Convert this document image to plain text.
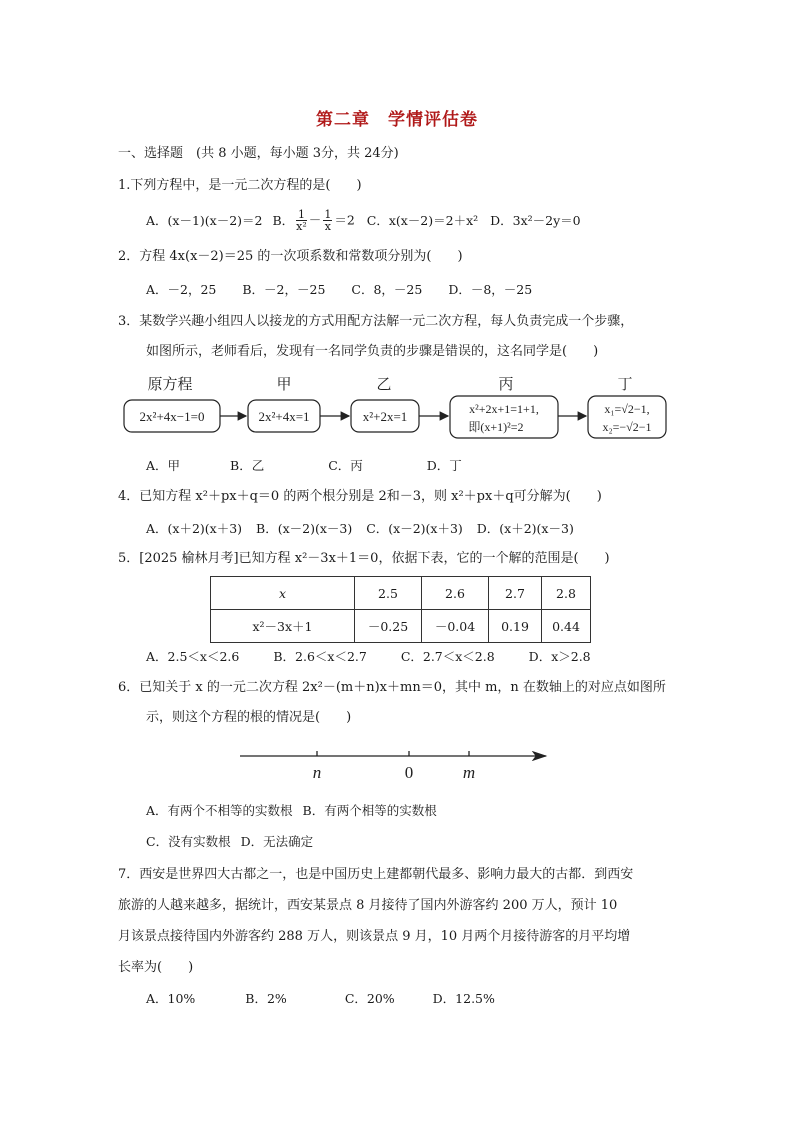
第二章　学情评估卷
一、选择题　(共 8 小题，每小题 3分，共 24分)
1.下列方程中，是一元二次方程的是(　　)
A．(x－1)(x－2)＝2 B． $\frac{1}{\text{x²}} - \frac{1}{x} =2$ C．x(x－2)＝2＋x² D．3x²－2y＝0
2．方程 4x(x－2)＝25 的一次项系数和常数项分别为(　　)
A．－2，25 B．－2，－25 C．8，－25 D．－8，－25
3．某数学兴趣小组四人以接龙的方式用配方法解一元二次方程，每人负责完成一个步骤，
如图所示，老师看后，发现有一名同学负责的步骤是错误的，这名同学是(　　)
原方程	甲	乙	丙	丁
2x²+4x−1=0	2x²+4x=1	x²+2x=1	x²+2x+1=1+1,
即(x+1)²=2
x₁=√2−1,
x₂=−√2−1
A．甲	B．乙	C．丙	D．丁
4．已知方程 x²＋px＋q＝0 的两个根分别是 2和－3，则 x²＋px＋q可分解为(　　)
A．(x＋2)(x＋3) B．(x－2)(x－3) C．(x－2)(x＋3) D．(x＋2)(x－3)
5．[2025 榆林月考]已知方程 x²－3x＋1＝0，依据下表，它的一个解的范围是(　　)
x	2.5	2.6	2.7	2.8
x²－3x＋1	－0.25	－0.04	0.19	0.44
A．2.5＜x＜2.6	B．2.6＜x＜2.7	C．2.7＜x＜2.8	D．x＞2.8
6．已知关于 x 的一元二次方程 2x²－(m＋n)x＋mn＝0，其中 m，n 在数轴上的对应点如图所
示，则这个方程的根的情况是(　　)
n	0	m
A．有两个不相等的实数根 B．有两个相等的实数根
C．没有实数根 D．无法确定
7．西安是世界四大古都之一，也是中国历史上建都朝代最多、影响力最大的古都．到西安
旅游的人越来越多，据统计，西安某景点 8 月接待了国内外游客约 200 万人，预计 10
月该景点接待国内外游客约 288 万人，则该景点 9 月，10 月两个月接待游客的月平均增
长率为(　　)
A．10%	B．2%	C．20%	D．12.5%
